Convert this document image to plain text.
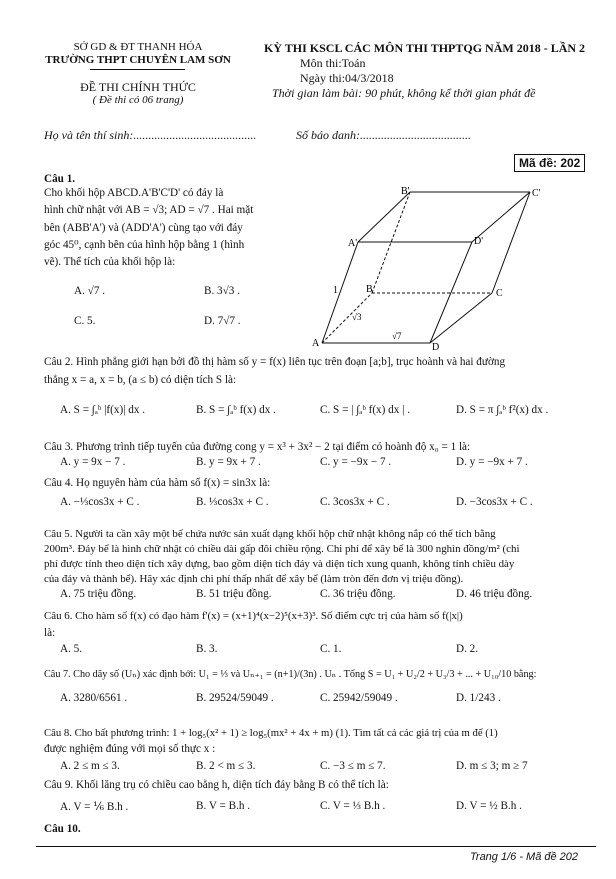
SỞ GD & ĐT THANH HÓA
TRƯỜNG THPT CHUYÊN LAM SƠN
ĐỀ THI CHÍNH THỨC
( Đề thi có 06 trang)
KỲ THI KSCL CÁC MÔN THI THPTQG NĂM 2018 - LẦN 2
Môn thi:Toán
Ngày thi:04/3/2018
Thời gian làm bài: 90 phút, không kể thời gian phát đề
Họ và tên thí sinh:.........................................	Số báo danh:.....................................
Mã đề: 202
Câu 1.
Cho khối hộp ABCD.A'B'C'D' có đáy là
hình chữ nhật với AB = √3; AD = √7 . Hai mặt
bên (ABB'A') và (ADD'A') cùng tạo với đáy
góc 45⁰, cạnh bên của hình hộp bằng 1 (hình
vẽ). Thể tích của khối hộp là:
A. √7 .	B. 3√3 .
C. 5.	D. 7√7 .
B'	C'
A'	D'
A
B	C
D
1
√3
√7
Câu 2. Hình phẳng giới hạn bởi đồ thị hàm số y = f(x) liên tục trên đoạn [a;b], trục hoành và hai đường
thẳng x = a, x = b, (a ≤ b) có diện tích S là:
A. S = ∫ₐᵇ |f(x)| dx .	B. S = ∫ₐᵇ f(x) dx .	C. S = | ∫ₐᵇ f(x) dx | .	D. S = π ∫ₐᵇ f²(x) dx .
Câu 3. Phương trình tiếp tuyến của đường cong y = x³ + 3x² − 2 tại điểm có hoành độ x₀ = 1 là:
A. y = 9x − 7 .	B. y = 9x + 7 .	C. y = −9x − 7 .	D. y = −9x + 7 .
Câu 4. Họ nguyên hàm của hàm số f(x) = sin3x là:
A. −⅓cos3x + C .	B. ⅓cos3x + C .	C. 3cos3x + C .	D. −3cos3x + C .
Câu 5. Người ta cần xây một bể chứa nước sản xuất dạng khối hộp chữ nhật không nắp có thể tích bằng
200m³. Đáy bể là hình chữ nhật có chiều dài gấp đôi chiều rộng. Chi phí để xây bể là 300 nghìn đồng/m² (chi
phí được tính theo diện tích xây dựng, bao gồm diện tích đáy và diện tích xung quanh, không tính chiều dày
của đáy và thành bể). Hãy xác định chi phí thấp nhất để xây bể (làm tròn đến đơn vị triệu đồng).
A. 75 triệu đồng.	B. 51 triệu đồng.	C. 36 triệu đồng.	D. 46 triệu đồng.
Câu 6. Cho hàm số f(x) có đạo hàm f'(x) = (x+1)⁴(x−2)⁵(x+3)³. Số điểm cực trị của hàm số f(|x|)
là:
A. 5.	B. 3.	C. 1.	D. 2.
Câu 7. Cho dãy số (Uₙ) xác định bởi: U₁ = ⅓ và Uₙ₊₁ = (n+1)/(3n) . Uₙ . Tổng S = U₁ + U₂/2 + U₃/3 + ... + U₁₀/10 bằng:
A. 3280/6561 .	B. 29524/59049 .	C. 25942/59049 .	D. 1/243 .
Câu 8. Cho bất phương trình: 1 + log₅(x² + 1) ≥ log₅(mx² + 4x + m) (1). Tìm tất cả các giá trị của m để (1)
được nghiệm đúng với mọi số thực x :
A. 2 ≤ m ≤ 3.	B. 2 < m ≤ 3.	C. −3 ≤ m ≤ 7.	D. m ≤ 3; m ≥ 7
Câu 9. Khối lăng trụ có chiều cao bằng h, diện tích đáy bằng B có thể tích là:
A. V = ⅙ B.h .	B. V = B.h .	C. V = ⅓ B.h .	D. V = ½ B.h .
Câu 10.
Trang 1/6 - Mã đề 202
